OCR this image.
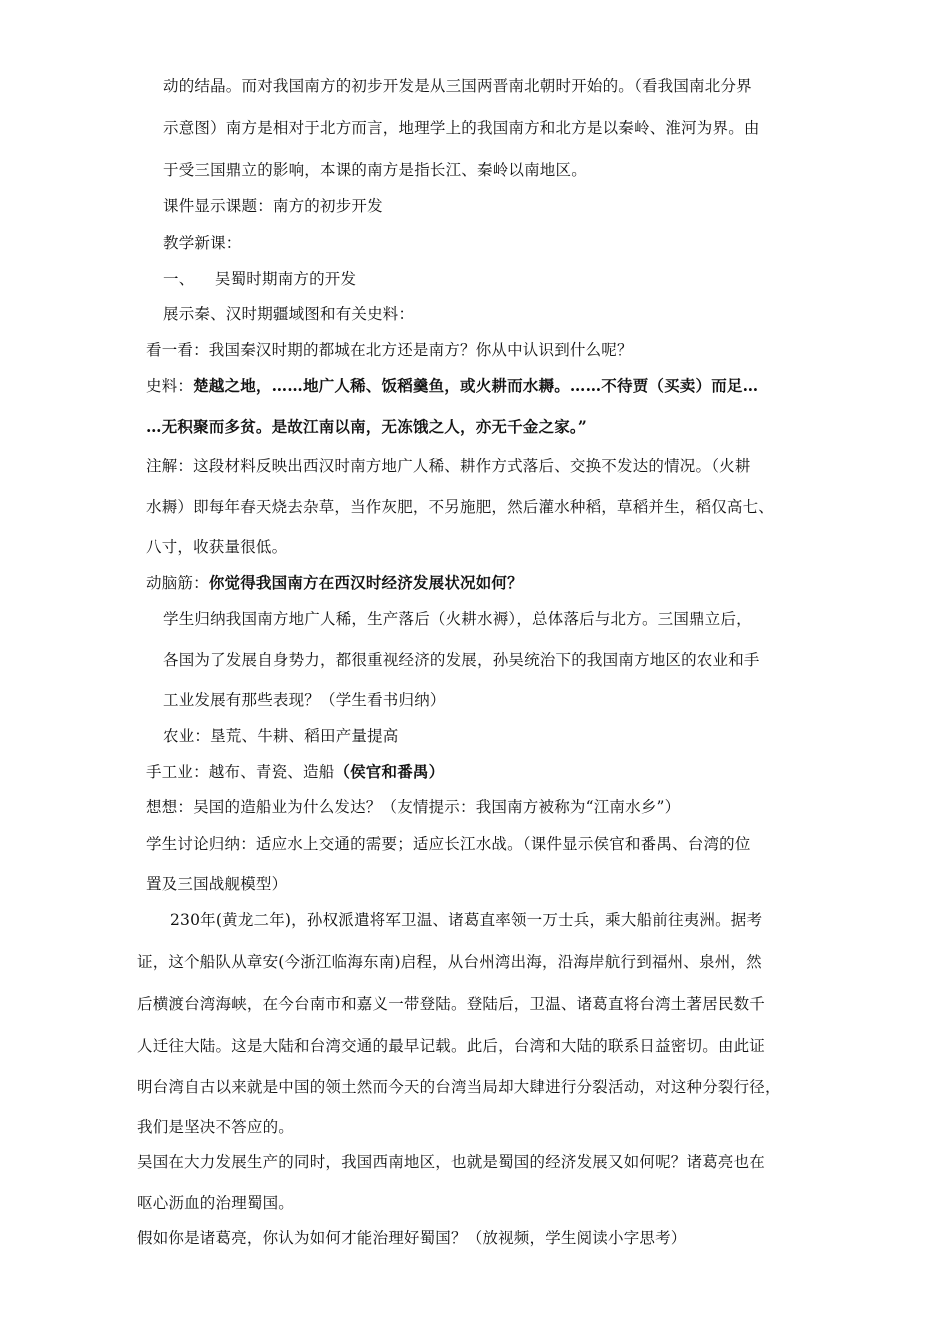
动的结晶。而对我国南方的初步开发是从三国两晋南北朝时开始的。（看我国南北分界
示意图）南方是相对于北方而言，地理学上的我国南方和北方是以秦岭、淮河为界。由
于受三国鼎立的影响，本课的南方是指长江、秦岭以南地区。
课件显示课题：南方的初步开发
教学新课：
一、    吴蜀时期南方的开发
展示秦、汉时期疆域图和有关史料：
看一看：我国秦汉时期的都城在北方还是南方？你从中认识到什么呢？
史料：楚越之地，……地广人稀、饭稻羹鱼，或火耕而水耨。……不待贾（买卖）而足…
…无积聚而多贫。是故江南以南，无冻饿之人，亦无千金之家。”
注解：这段材料反映出西汉时南方地广人稀、耕作方式落后、交换不发达的情况。（火耕
水耨）即每年春天烧去杂草，当作灰肥，不另施肥，然后灌水种稻，草稻并生，稻仅高七、
八寸，收获量很低。
动脑筋：你觉得我国南方在西汉时经济发展状况如何？
学生归纳我国南方地广人稀，生产落后（火耕水褥），总体落后与北方。三国鼎立后，
各国为了发展自身势力，都很重视经济的发展，孙吴统治下的我国南方地区的农业和手
工业发展有那些表现？（学生看书归纳）
农业：垦荒、牛耕、稻田产量提高
手工业：越布、青瓷、造船（侯官和番禺）
想想：吴国的造船业为什么发达？（友情提示：我国南方被称为“江南水乡”）
学生讨论归纳：适应水上交通的需要；适应长江水战。（课件显示侯官和番禺、台湾的位
置及三国战舰模型）
230年(黄龙二年)，孙权派遣将军卫温、诸葛直率领一万士兵，乘大船前往夷洲。据考
证，这个船队从章安(今浙江临海东南)启程，从台州湾出海，沿海岸航行到福州、泉州，然
后横渡台湾海峡，在今台南市和嘉义一带登陆。登陆后，卫温、诸葛直将台湾土著居民数千
人迁往大陆。这是大陆和台湾交通的最早记载。此后，台湾和大陆的联系日益密切。由此证
明台湾自古以来就是中国的领土然而今天的台湾当局却大肆进行分裂活动，对这种分裂行径，
我们是坚决不答应的。
吴国在大力发展生产的同时，我国西南地区，也就是蜀国的经济发展又如何呢？诸葛亮也在
呕心沥血的治理蜀国。
假如你是诸葛亮，你认为如何才能治理好蜀国？（放视频，学生阅读小字思考）
